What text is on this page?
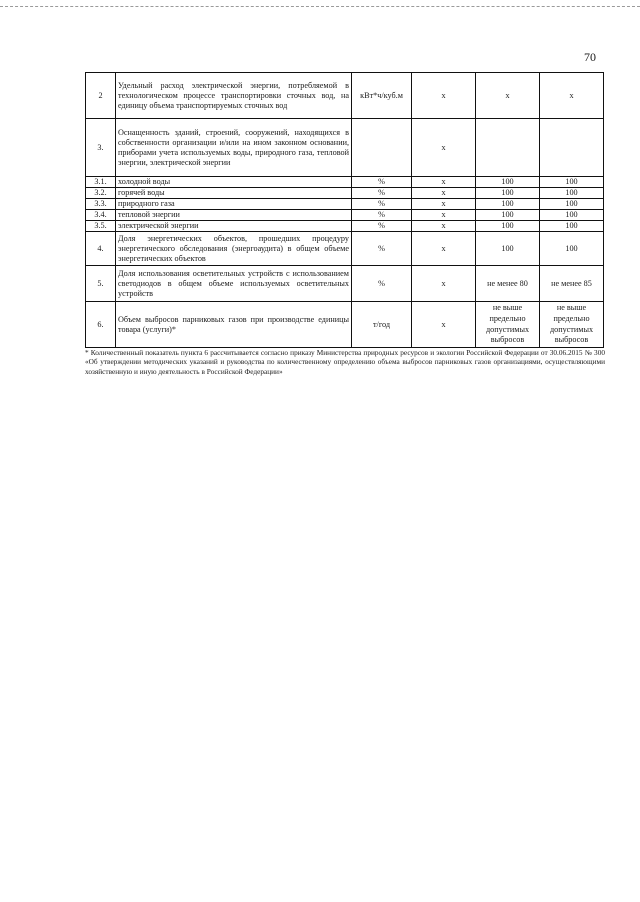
70
2	Удельный расход электрической энергии, потребляемой в технологическом процессе транспортировки сточных вод, на единицу объема транспортируемых сточных вод	кВт*ч/куб.м	х	х	х
3.	Оснащенность зданий, строений, сооружений, находящихся в собственности организации и/или на ином законном основании, приборами учета используемых воды, природного газа, тепловой энергии, электрической энергии		х		
3.1.	холодной воды	%	х	100	100
3.2.	горячей воды	%	х	100	100
3.3.	природного газа	%	х	100	100
3.4.	тепловой энергии	%	х	100	100
3.5.	электрической энергии	%	х	100	100
4.	Доля энергетических объектов, прошедших процедуру энергетического обследования (энергоаудита) в общем объеме энергетических объектов	%	х	100	100
5.	Доля использования осветительных устройств с использованием светодиодов в общем объеме используемых осветительных устройств	%	х	не менее 80	не менее 85
6.	Объем выбросов парниковых газов при производстве единицы товара (услуги)*	т/год	х	не выше предельно допустимых выбросов	не выше предельно допустимых выбросов

* Количественный показатель пункта 6 рассчитывается согласно приказу Министерства природных ресурсов и экологии Российской Федерации от 30.06.2015 № 300 «Об утверждении методических указаний и руководства по количественному определению объема выбросов парниковых газов организациями, осуществляющими хозяйственную и иную деятельность в Российской Федерации»
